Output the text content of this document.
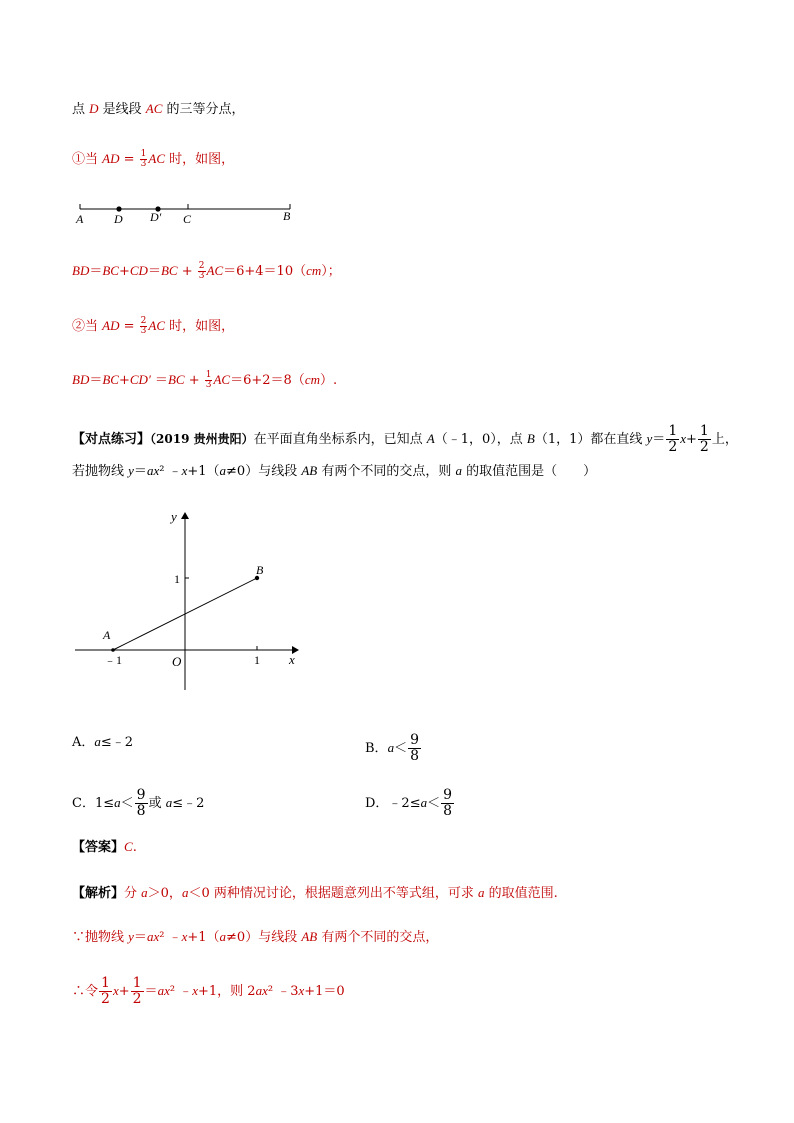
点 D 是线段 AC 的三等分点，
①当 AD = $\frac{1}{3}$ AC 时，如图，
A	D D′ C	B
$BD=BC+CD=BC + \frac{2}{3} AC=6+4=10(cm)$；
②当 AD = $\frac{2}{3}$ AC 时，如图，
$BD=BC+CD' =BC + \frac{1}{3} AC=6+2=8(cm)$.
【对点练习】（2019 贵州贵阳）在平面直角坐标系内，已知点 A（﹣1，0），点 B（1，1）都在直线 $y= \frac{1}{2} x+ \frac{1}{2}$ 上，
若抛物线 y＝ax² ﹣x+1（a≠0）与线段 AB 有两个不同的交点，则 a 的取值范围是（　　）
y
x
1
B
A
﹣1	O	1
A．a≤﹣2	B．$a< \frac{9}{8}$
C．$1\le a< \frac{9}{8}$ 或 a≤﹣2	D．﹣2≤a＜ $\frac{9}{8}$
【答案】C.
【解析】分 a＞0，a＜0 两种情况讨论，根据题意列出不等式组，可求 a 的取值范围.
∵抛物线 y＝ax² ﹣x+1（a≠0）与线段 AB 有两个不同的交点，
∴令 $\frac{1}{2} x+ \frac{1}{2} =ax^2$ ﹣x+1，则 2ax² ﹣3x+1＝0
